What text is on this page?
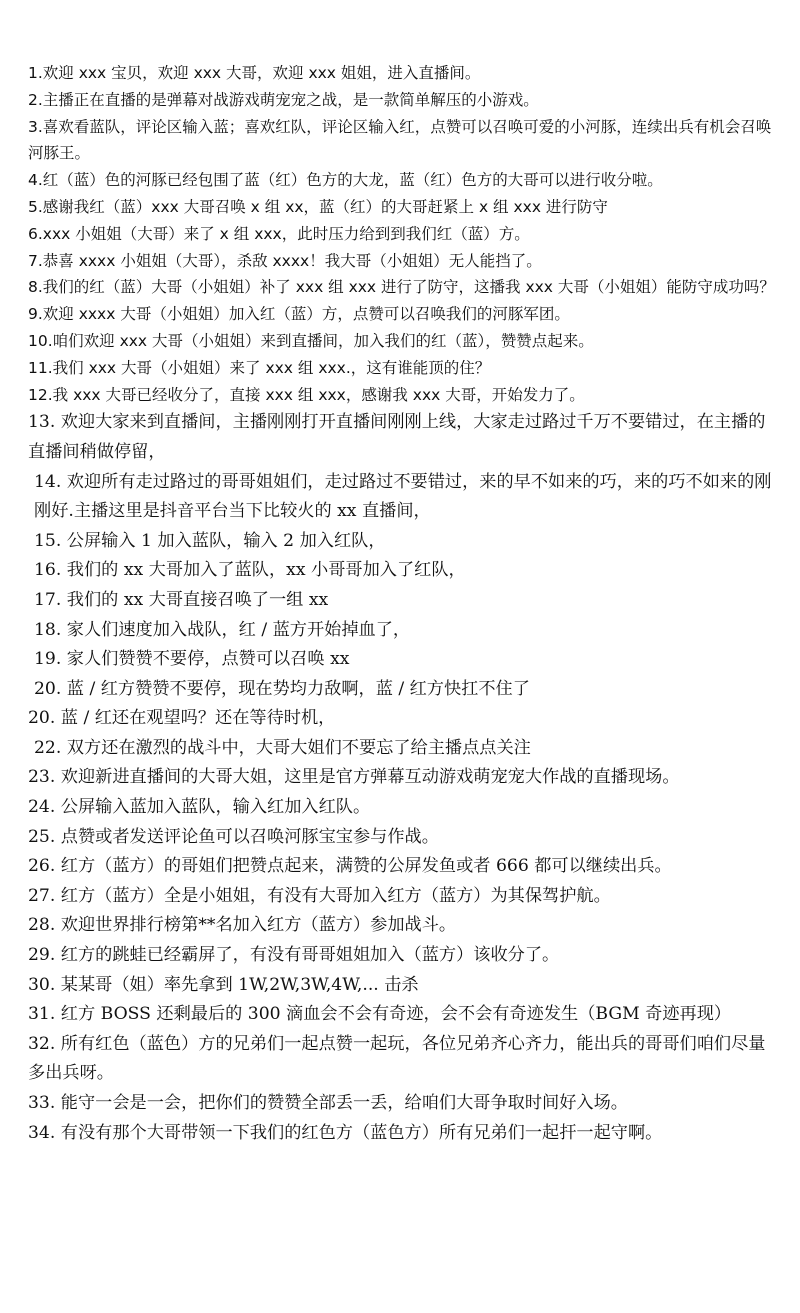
1.欢迎 xxx 宝贝，欢迎 xxx 大哥，欢迎 xxx 姐姐，进入直播间。

2.主播正在直播的是弹幕对战游戏萌宠宠之战，是一款简单解压的小游戏。

3.喜欢看蓝队，评论区输入蓝；喜欢红队，评论区输入红，点赞可以召唤可爱的小河豚，连续出兵有机会召唤河豚王。

4.红（蓝）色的河豚已经包围了蓝（红）色方的大龙，蓝（红）色方的大哥可以进行收分啦。

5.感谢我红（蓝）xxx 大哥召唤 x 组 xx，蓝（红）的大哥赶紧上 x 组 xxx 进行防守

6.xxx 小姐姐（大哥）来了 x 组 xxx，此时压力给到到我们红（蓝）方。

7.恭喜 xxxx 小姐姐（大哥），杀敌 xxxx！我大哥（小姐姐）无人能挡了。

8.我们的红（蓝）大哥（小姐姐）补了 xxx 组 xxx 进行了防守，这播我 xxx 大哥（小姐姐）能防守成功吗？

9.欢迎 xxxx 大哥（小姐姐）加入红（蓝）方，点赞可以召唤我们的河豚军团。

10.咱们欢迎 xxx 大哥（小姐姐）来到直播间，加入我们的红（蓝），赞赞点起来。

11.我们 xxx 大哥（小姐姐）来了 xxx 组 xxx.，这有谁能顶的住？

12.我 xxx 大哥已经收分了，直接 xxx 组 xxx，感谢我 xxx 大哥，开始发力了。

13. 欢迎大家来到直播间，主播刚刚打开直播间刚刚上线，大家走过路过千万不要错过，在主播的直播间稍做停留，

14. 欢迎所有走过路过的哥哥姐姐们，走过路过不要错过，来的早不如来的巧，来的巧不如来的刚刚好.主播这里是抖音平台当下比较火的 xx 直播间，

15. 公屏输入 1 加入蓝队，输入 2 加入红队，

16. 我们的 xx 大哥加入了蓝队，xx 小哥哥加入了红队，

17. 我们的 xx 大哥直接召唤了一组 xx

18. 家人们速度加入战队，红 / 蓝方开始掉血了，

19. 家人们赞赞不要停，点赞可以召唤 xx

20. 蓝 / 红方赞赞不要停，现在势均力敌啊，蓝 / 红方快扛不住了

20. 蓝 / 红还在观望吗？还在等待时机，

22. 双方还在激烈的战斗中，大哥大姐们不要忘了给主播点点关注

23. 欢迎新进直播间的大哥大姐，这里是官方弹幕互动游戏萌宠宠大作战的直播现场。

24. 公屏输入蓝加入蓝队，输入红加入红队。

25. 点赞或者发送评论鱼可以召唤河豚宝宝参与作战。

26. 红方（蓝方）的哥姐们把赞点起来，满赞的公屏发鱼或者 666 都可以继续出兵。

27. 红方（蓝方）全是小姐姐，有没有大哥加入红方（蓝方）为其保驾护航。

28. 欢迎世界排行榜第**名加入红方（蓝方）参加战斗。

29. 红方的跳蛙已经霸屏了，有没有哥哥姐姐加入（蓝方）该收分了。

30. 某某哥（姐）率先拿到 1W,2W,3W,4W,... 击杀

31. 红方 BOSS 还剩最后的 300 滴血会不会有奇迹，会不会有奇迹发生（BGM 奇迹再现）

32. 所有红色（蓝色）方的兄弟们一起点赞一起玩，各位兄弟齐心齐力，能出兵的哥哥们咱们尽量多出兵呀。

33. 能守一会是一会，把你们的赞赞全部丢一丢，给咱们大哥争取时间好入场。

34. 有没有那个大哥带领一下我们的红色方（蓝色方）所有兄弟们一起扞一起守啊。
